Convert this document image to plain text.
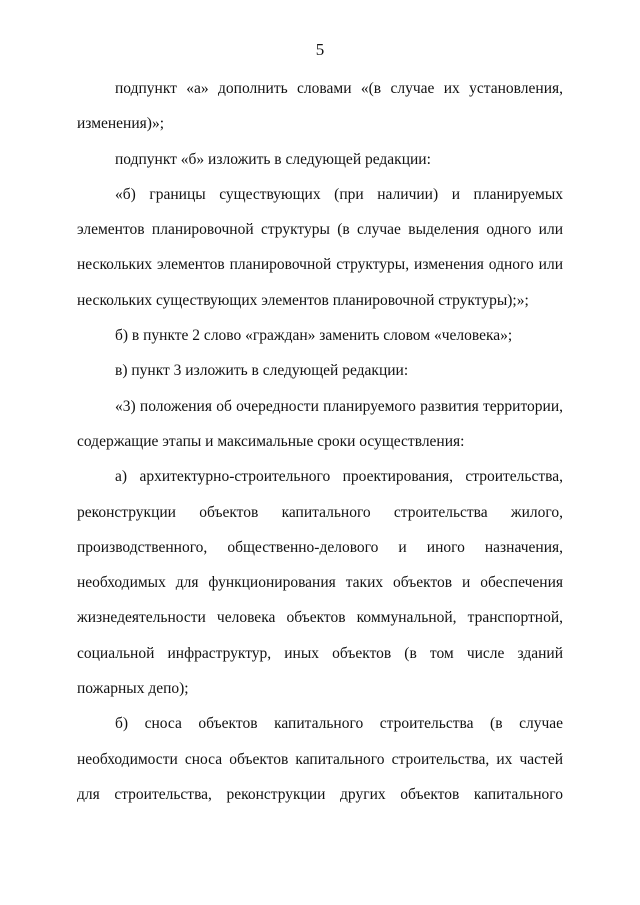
5

подпункт «а» дополнить словами «(в случае их установления, изменения)»;

подпункт «б» изложить в следующей редакции:

«б) границы существующих (при наличии) и планируемых элементов планировочной структуры (в случае выделения одного или нескольких элементов планировочной структуры, изменения одного или нескольких существующих элементов планировочной структуры);»;

б) в пункте 2 слово «граждан» заменить словом «человека»;

в) пункт 3 изложить в следующей редакции:

«3) положения об очередности планируемого развития территории, содержащие этапы и максимальные сроки осуществления:

а) архитектурно-строительного проектирования, строительства, реконструкции объектов капитального строительства жилого, производственного, общественно-делового и иного назначения, необходимых для функционирования таких объектов и обеспечения жизнедеятельности человека объектов коммунальной, транспортной, социальной инфраструктур, иных объектов (в том числе зданий пожарных депо);

б) сноса объектов капитального строительства (в случае необходимости сноса объектов капитального строительства, их частей для строительства, реконструкции других объектов капитального
